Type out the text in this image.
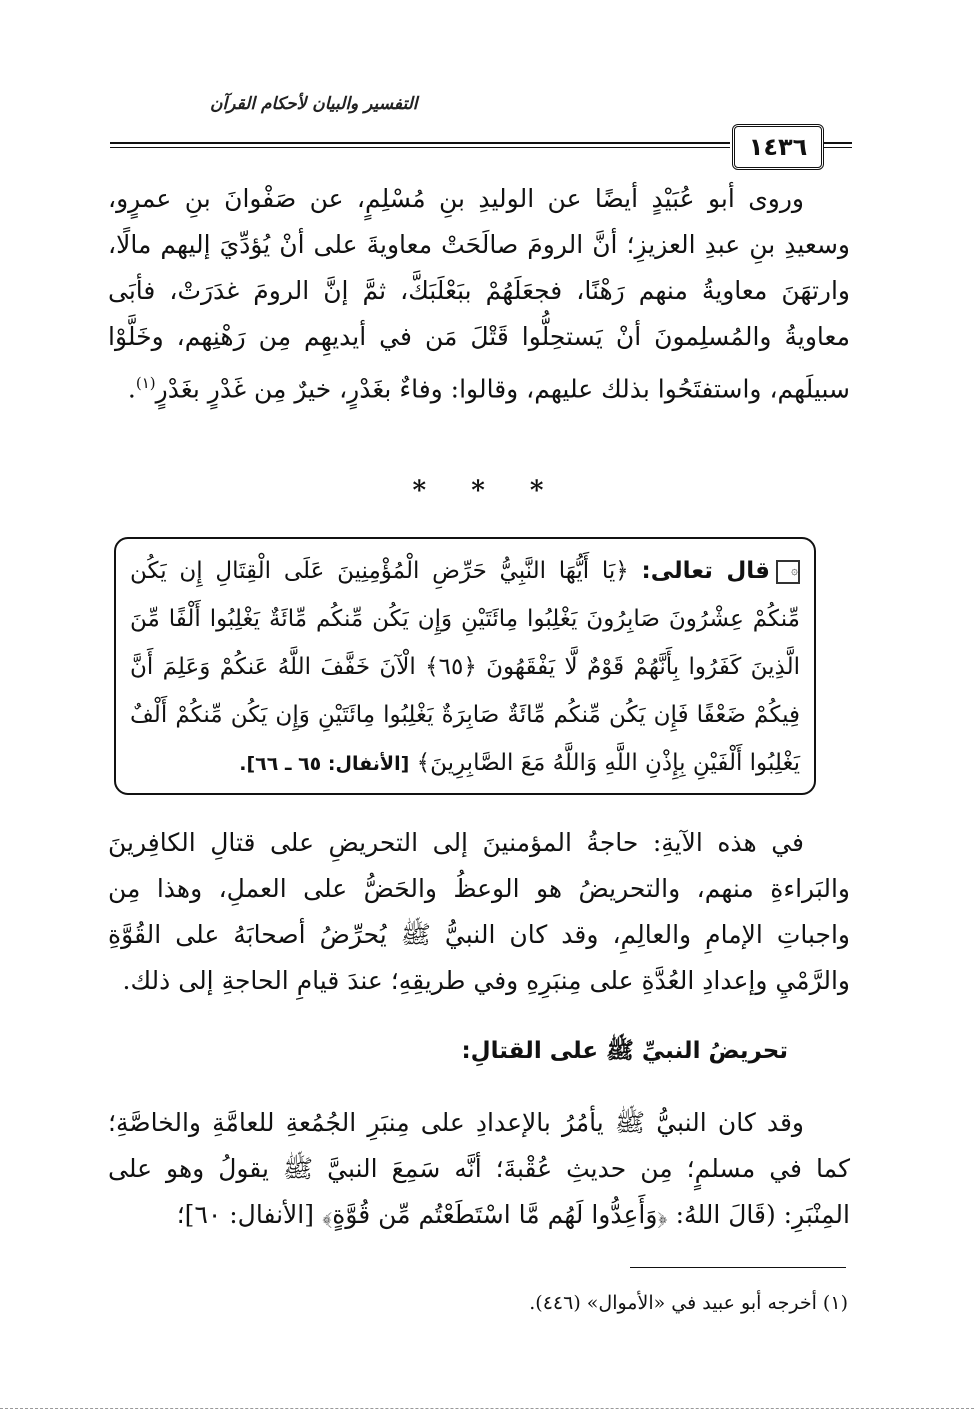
التفسير والبيان لأحكام القرآن
١٤٣٦
وروى أبو عُبَيْدٍ أيضًا عن الوليدِ بنِ مُسْلِمٍ، عن صَفْوانَ بنِ عمرٍو، وسعيدِ بنِ عبدِ العزيزِ؛ أنَّ الرومَ صالَحَتْ معاويةَ على أنْ يُؤدِّيَ إليهم مالًا، وارتهَنَ معاويةُ منهم رَهْنًا، فجعَلَهُمْ ببَعْلَبَكَّ، ثمَّ إنَّ الرومَ غدَرَتْ، فأبَى معاويةُ والمُسلِمونَ أنْ يَستحِلُّوا قَتْلَ مَن في أيديهِم مِن رَهْنِهم، وخَلَّوْا سبيلَهم، واستفتَحُوا بذلك عليهم، وقالوا: وفاءٌ بغَدْرٍ، خيرٌ مِن غَدْرٍ بغَدْرٍ$^{(١)}$.
* * *
۞قال تعالى: ﴿يَا أَيُّهَا النَّبِيُّ حَرِّضِ الْمُؤْمِنِينَ عَلَى الْقِتَالِ إِن يَكُن مِّنكُمْ عِشْرُونَ صَابِرُونَ يَغْلِبُوا مِائَتَيْنِ وَإِن يَكُن مِّنكُم مِّائَةٌ يَغْلِبُوا أَلْفًا مِّنَ الَّذِينَ كَفَرُوا بِأَنَّهُمْ قَوْمٌ لَّا يَفْقَهُونَ ﴿٦٥﴾ الْآنَ خَفَّفَ اللَّهُ عَنكُمْ وَعَلِمَ أَنَّ فِيكُمْ ضَعْفًا فَإِن يَكُن مِّنكُم مِّائَةٌ صَابِرَةٌ يَغْلِبُوا مِائَتَيْنِ وَإِن يَكُن مِّنكُمْ أَلْفٌ يَغْلِبُوا أَلْفَيْنِ بِإِذْنِ اللَّهِ وَاللَّهُ مَعَ الصَّابِرِينَ﴾ [الأنفال: ٦٥ ـ ٦٦].
في هذه الآيةِ: حاجةُ المؤمنينَ إلى التحريضِ على قتالِ الكافِرينَ والبَراءةِ منهم، والتحريضُ هو الوعظُ والحَضُّ على العملِ، وهذا مِن واجباتِ الإمامِ والعالِمِ، وقد كان النبيُّ ﷺ يُحرِّضُ أصحابَهُ على القُوَّةِ والرَّمْيِ وإعدادِ العُدَّةِ على مِنبَرِهِ وفي طريقِهِ؛ عندَ قيامِ الحاجةِ إلى ذلك.
تحريضُ النبيِّ ﷺ على القتالِ:
وقد كان النبيُّ ﷺ يأمُرُ بالإعدادِ على مِنبَرِ الجُمُعةِ للعامَّةِ والخاصَّةِ؛ كما في مسلمٍ؛ مِن حديثِ عُقْبةَ؛ أنَّه سَمِعَ النبيَّ ﷺ يقولُ وهو على المِنْبَرِ: (قَالَ اللهُ: ﴿وَأَعِدُّوا لَهُم مَّا اسْتَطَعْتُم مِّن قُوَّةٍ﴾ [الأنفال: ٦٠]؛
(١) أخرجه أبو عبيد في «الأموال» (٤٤٦).
